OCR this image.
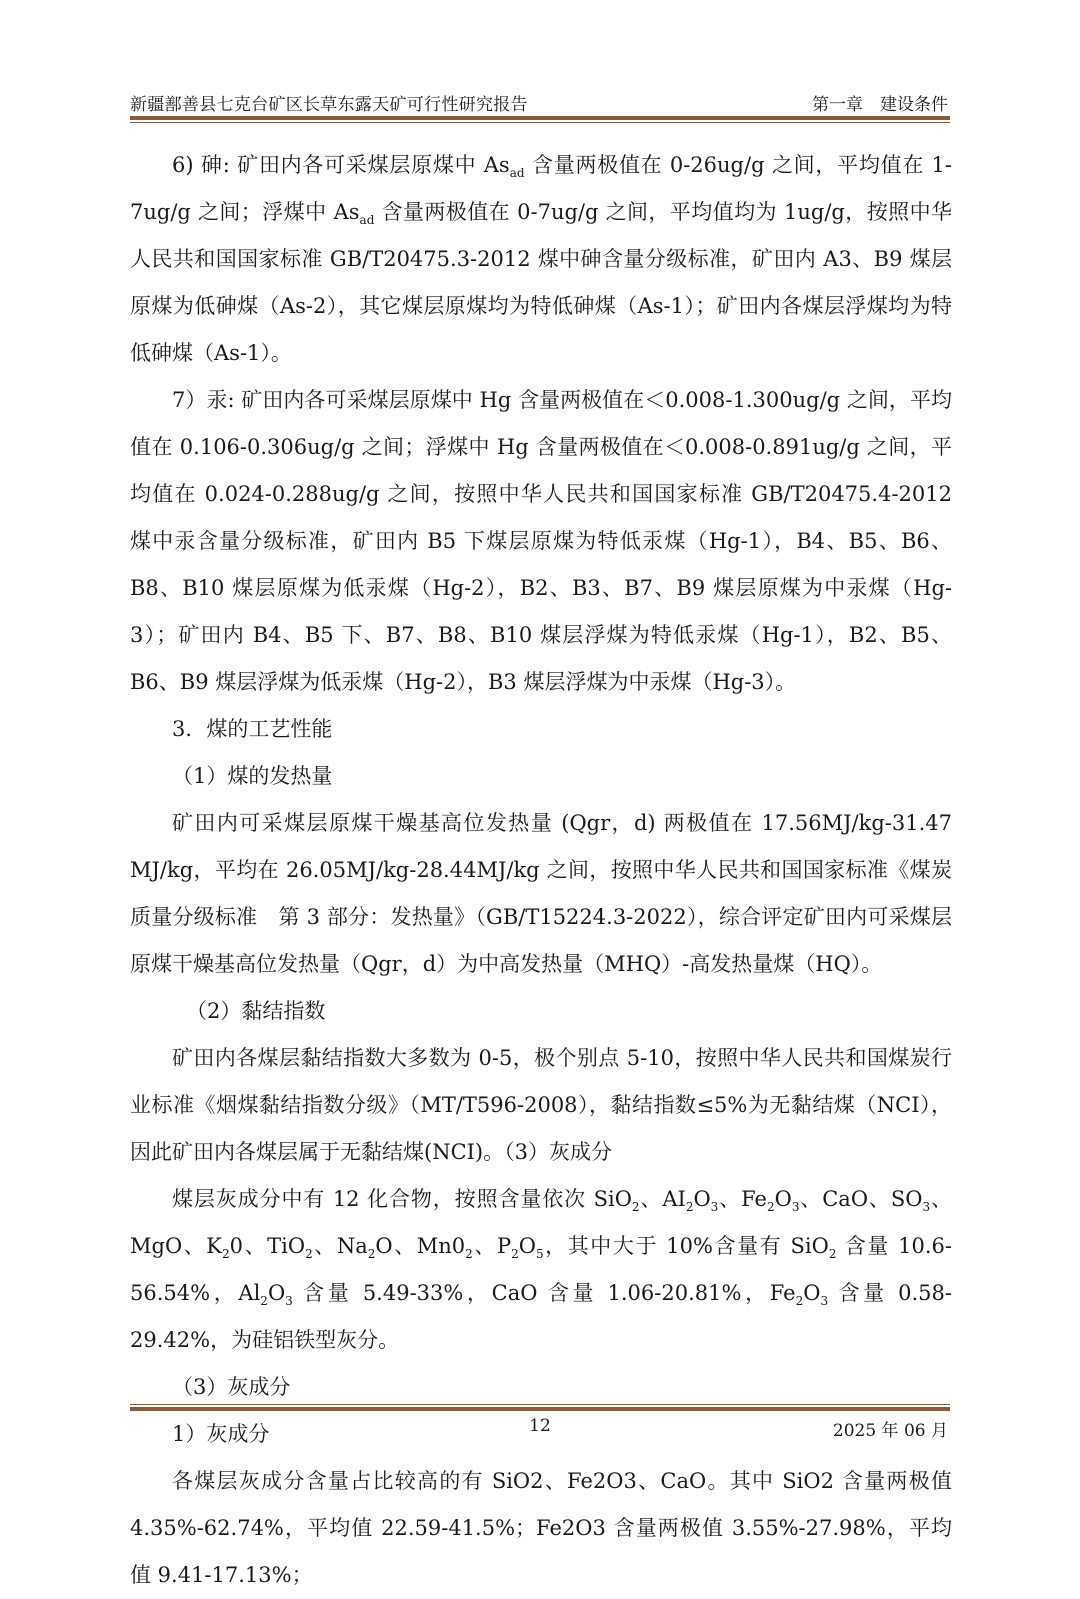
新疆鄯善县七克台矿区长草东露天矿可行性研究报告	第一章　建设条件

6) 砷: 矿田内各可采煤层原煤中 $As_{ad}$ 含量两极值在 0-26ug/g 之间，平均值在 1-7ug/g 之间；浮煤中 $As_{ad}$ 含量两极值在 0-7ug/g 之间，平均值均为 1ug/g，按照中华人民共和国国家标准 GB/T20475.3-2012 煤中砷含量分级标准，矿田内 A3、B9 煤层原煤为低砷煤（As-2），其它煤层原煤均为特低砷煤（As-1）；矿田内各煤层浮煤均为特低砷煤（As-1）。

7）汞: 矿田内各可采煤层原煤中 Hg 含量两极值在＜0.008-1.300ug/g 之间，平均值在 0.106-0.306ug/g 之间；浮煤中 Hg 含量两极值在＜0.008-0.891ug/g 之间，平均值在 0.024-0.288ug/g 之间，按照中华人民共和国国家标准 GB/T20475.4-2012 煤中汞含量分级标准，矿田内 B5 下煤层原煤为特低汞煤（Hg-1），B4、B5、B6、B8、B10 煤层原煤为低汞煤（Hg-2），B2、B3、B7、B9 煤层原煤为中汞煤（Hg-3）；矿田内 B4、B5 下、B7、B8、B10 煤层浮煤为特低汞煤（Hg-1），B2、B5、B6、B9 煤层浮煤为低汞煤（Hg-2），B3 煤层浮煤为中汞煤（Hg-3）。

3．煤的工艺性能

（1）煤的发热量

矿田内可采煤层原煤干燥基高位发热量 (Qgr，d) 两极值在 17.56MJ/kg-31.47 MJ/kg，平均在 26.05MJ/kg-28.44MJ/kg 之间，按照中华人民共和国国家标准《煤炭质量分级标准　第 3 部分：发热量》（GB/T15224.3-2022），综合评定矿田内可采煤层原煤干燥基高位发热量（Qgr，d）为中高发热量（MHQ）-高发热量煤（HQ）。

（2）黏结指数

矿田内各煤层黏结指数大多数为 0-5，极个别点 5-10，按照中华人民共和国煤炭行业标准《烟煤黏结指数分级》（MT/T596-2008），黏结指数≤5%为无黏结煤（NCI），因此矿田内各煤层属于无黏结煤(NCI)。（3）灰成分

煤层灰成分中有 12 化合物，按照含量依次 SiO$_2$、$AI_2O_3$、$Fe_2O_3$、CaO、$SO_3$、MgO、$K_20$、TiO$_2$、$Na_2O$、$Mn0_2$、$P_2O_5$，其中大于 10%含量有 SiO$_2$ 含量 10.6-56.54%，$Al_2O_3$ 含量 5.49-33%，CaO 含量 1.06-20.81%，$Fe_2O_3$ 含量 0.58-29.42%，为硅铝铁型灰分。

（3）灰成分

1）灰成分

各煤层灰成分含量占比较高的有 SiO2、Fe2O3、CaO。其中 SiO2 含量两极值 4.35%-62.74%，平均值 22.59-41.5%；Fe2O3 含量两极值 3.55%-27.98%，平均值 9.41-17.13%；

12	2025 年 06 月
